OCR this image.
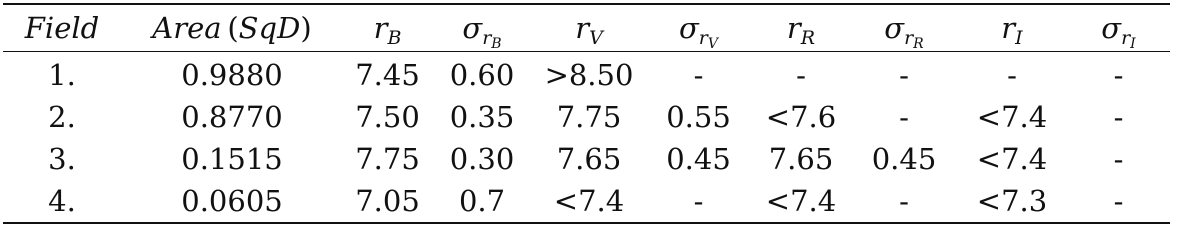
Field	Area (SqD)	$r_B$	$\sigma_{r_B}$	$r_V$	$\sigma_{r_V}$	$r_R$	$\sigma_{r_R}$	$r_I$	$\sigma_{r_I}$
1.	0.9880	7.45	0.60	>8.50	-	-	-	-	-
2.	0.8770	7.50	0.35	7.75	0.55	<7.6	-	<7.4	-
3.	0.1515	7.75	0.30	7.65	0.45	7.65	0.45	<7.4	-
4.	0.0605	7.05	0.7	<7.4	-	<7.4	-	<7.3	-
